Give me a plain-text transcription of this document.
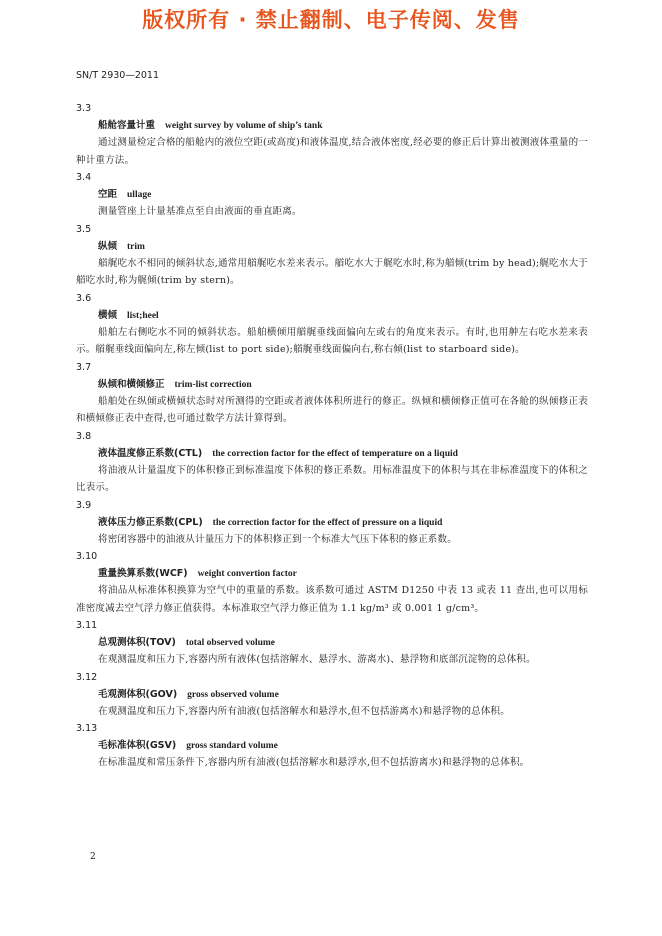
版权所有 · 禁止翻制、电子传阅、发售
SN/T 2930—2011
3.3
船舱容量计重 weight survey by volume of ship’s tank

通过测量检定合格的船舱内的液位空距(或高度)和液体温度,结合液体密度,经必要的修正后计算出被测液体重量的一种计重方法。

3.4
空距 ullage

测量管座上计量基准点至自由液面的垂直距离。

3.5
纵倾 trim

艏艉吃水不相同的倾斜状态,通常用艏艉吃水差来表示。艏吃水大于艉吃水时,称为艏倾(trim by head);艉吃水大于艏吃水时,称为艉倾(trim by stern)。

3.6
横倾 list;heel

船舶左右侧吃水不同的倾斜状态。船舶横倾用艏艉垂线面偏向左或右的角度来表示。有时,也用舯左右吃水差来表示。艏艉垂线面偏向左,称左倾(list to port side);艏艉垂线面偏向右,称右倾(list to starboard side)。

3.7
纵倾和横倾修正 trim-list correction

船舶处在纵倾或横倾状态时对所测得的空距或者液体体积所进行的修正。纵倾和横倾修正值可在各舱的纵倾修正表和横倾修正表中查得,也可通过数学方法计算得到。

3.8
液体温度修正系数(CTL) the correction factor for the effect of temperature on a liquid

将油液从计量温度下的体积修正到标准温度下体积的修正系数。用标准温度下的体积与其在非标准温度下的体积之比表示。

3.9
液体压力修正系数(CPL) the correction factor for the effect of pressure on a liquid

将密闭容器中的油液从计量压力下的体积修正到一个标准大气压下体积的修正系数。

3.10
重量换算系数(WCF) weight convertion factor

将油品从标准体积换算为空气中的重量的系数。该系数可通过 ASTM D1250 中表 13 或表 11 查出,也可以用标准密度减去空气浮力修正值获得。本标准取空气浮力修正值为 1.1 kg/m³ 或 0.001 1 g/cm³。

3.11
总观测体积(TOV) total observed volume

在观测温度和压力下,容器内所有液体(包括溶解水、悬浮水、游离水)、悬浮物和底部沉淀物的总体积。

3.12
毛观测体积(GOV) gross observed volume

在观测温度和压力下,容器内所有油液(包括溶解水和悬浮水,但不包括游离水)和悬浮物的总体积。

3.13
毛标准体积(GSV) gross standard volume

在标准温度和常压条件下,容器内所有油液(包括溶解水和悬浮水,但不包括游离水)和悬浮物的总体积。

2
